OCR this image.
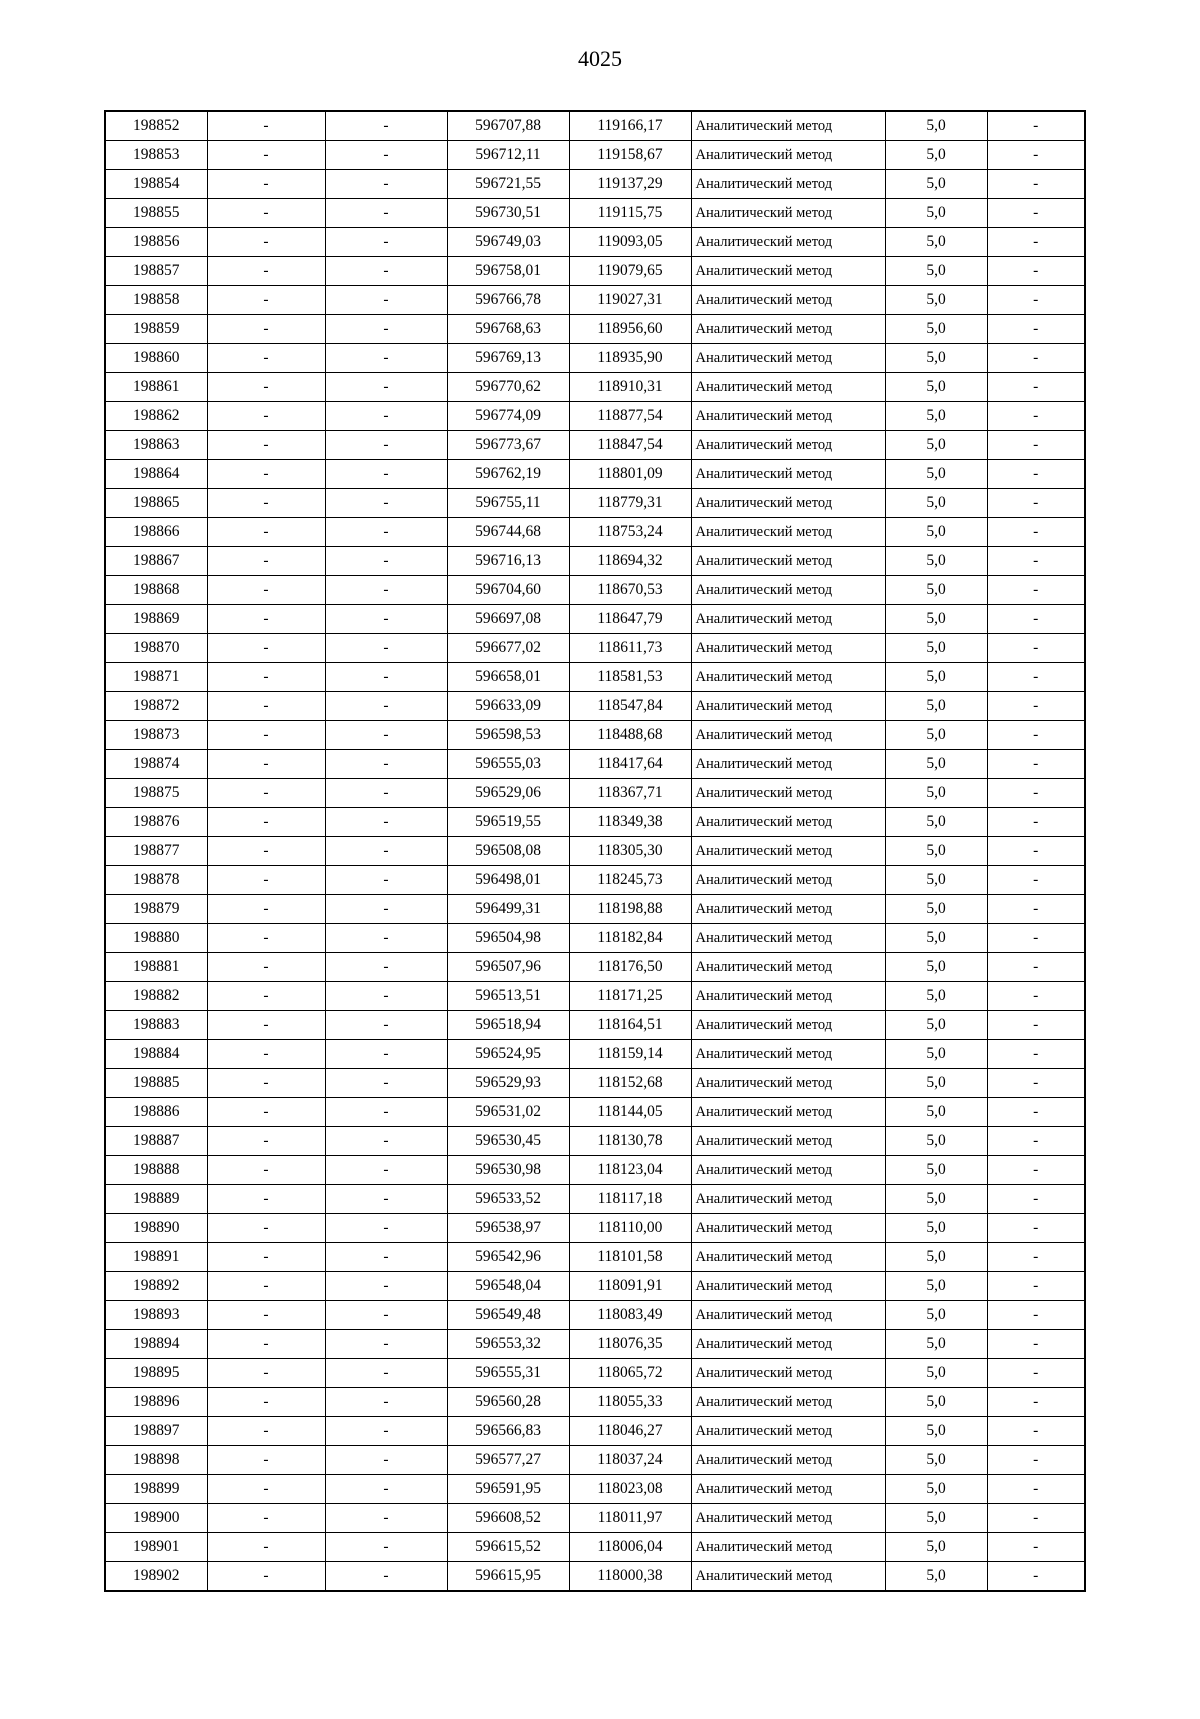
4025
198852	-	-	596707,88	119166,17	Аналитический метод	5,0	-
198853	-	-	596712,11	119158,67	Аналитический метод	5,0	-
198854	-	-	596721,55	119137,29	Аналитический метод	5,0	-
198855	-	-	596730,51	119115,75	Аналитический метод	5,0	-
198856	-	-	596749,03	119093,05	Аналитический метод	5,0	-
198857	-	-	596758,01	119079,65	Аналитический метод	5,0	-
198858	-	-	596766,78	119027,31	Аналитический метод	5,0	-
198859	-	-	596768,63	118956,60	Аналитический метод	5,0	-
198860	-	-	596769,13	118935,90	Аналитический метод	5,0	-
198861	-	-	596770,62	118910,31	Аналитический метод	5,0	-
198862	-	-	596774,09	118877,54	Аналитический метод	5,0	-
198863	-	-	596773,67	118847,54	Аналитический метод	5,0	-
198864	-	-	596762,19	118801,09	Аналитический метод	5,0	-
198865	-	-	596755,11	118779,31	Аналитический метод	5,0	-
198866	-	-	596744,68	118753,24	Аналитический метод	5,0	-
198867	-	-	596716,13	118694,32	Аналитический метод	5,0	-
198868	-	-	596704,60	118670,53	Аналитический метод	5,0	-
198869	-	-	596697,08	118647,79	Аналитический метод	5,0	-
198870	-	-	596677,02	118611,73	Аналитический метод	5,0	-
198871	-	-	596658,01	118581,53	Аналитический метод	5,0	-
198872	-	-	596633,09	118547,84	Аналитический метод	5,0	-
198873	-	-	596598,53	118488,68	Аналитический метод	5,0	-
198874	-	-	596555,03	118417,64	Аналитический метод	5,0	-
198875	-	-	596529,06	118367,71	Аналитический метод	5,0	-
198876	-	-	596519,55	118349,38	Аналитический метод	5,0	-
198877	-	-	596508,08	118305,30	Аналитический метод	5,0	-
198878	-	-	596498,01	118245,73	Аналитический метод	5,0	-
198879	-	-	596499,31	118198,88	Аналитический метод	5,0	-
198880	-	-	596504,98	118182,84	Аналитический метод	5,0	-
198881	-	-	596507,96	118176,50	Аналитический метод	5,0	-
198882	-	-	596513,51	118171,25	Аналитический метод	5,0	-
198883	-	-	596518,94	118164,51	Аналитический метод	5,0	-
198884	-	-	596524,95	118159,14	Аналитический метод	5,0	-
198885	-	-	596529,93	118152,68	Аналитический метод	5,0	-
198886	-	-	596531,02	118144,05	Аналитический метод	5,0	-
198887	-	-	596530,45	118130,78	Аналитический метод	5,0	-
198888	-	-	596530,98	118123,04	Аналитический метод	5,0	-
198889	-	-	596533,52	118117,18	Аналитический метод	5,0	-
198890	-	-	596538,97	118110,00	Аналитический метод	5,0	-
198891	-	-	596542,96	118101,58	Аналитический метод	5,0	-
198892	-	-	596548,04	118091,91	Аналитический метод	5,0	-
198893	-	-	596549,48	118083,49	Аналитический метод	5,0	-
198894	-	-	596553,32	118076,35	Аналитический метод	5,0	-
198895	-	-	596555,31	118065,72	Аналитический метод	5,0	-
198896	-	-	596560,28	118055,33	Аналитический метод	5,0	-
198897	-	-	596566,83	118046,27	Аналитический метод	5,0	-
198898	-	-	596577,27	118037,24	Аналитический метод	5,0	-
198899	-	-	596591,95	118023,08	Аналитический метод	5,0	-
198900	-	-	596608,52	118011,97	Аналитический метод	5,0	-
198901	-	-	596615,52	118006,04	Аналитический метод	5,0	-
198902	-	-	596615,95	118000,38	Аналитический метод	5,0	-
